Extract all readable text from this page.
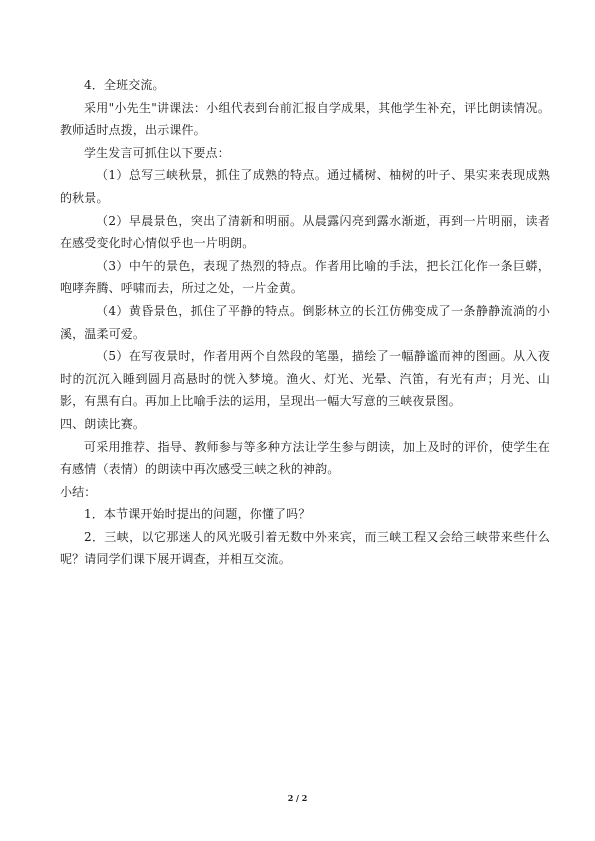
4．全班交流。

采用"小先生"讲课法：小组代表到台前汇报自学成果，其他学生补充，评比朗读情况。教师适时点拨，出示课件。

学生发言可抓住以下要点：

（1）总写三峡秋景，抓住了成熟的特点。通过橘树、柚树的叶子、果实来表现成熟的秋景。

（2）早晨景色，突出了清新和明丽。从晨露闪亮到露水渐逝，再到一片明丽，读者在感受变化时心情似乎也一片明朗。

（3）中午的景色，表现了热烈的特点。作者用比喻的手法，把长江化作一条巨蟒，咆哮奔腾、呼啸而去，所过之处，一片金黄。

（4）黄昏景色，抓住了平静的特点。倒影林立的长江仿佛变成了一条静静流淌的小溪，温柔可爱。

（5）在写夜景时，作者用两个自然段的笔墨，描绘了一幅静谧而神的图画。从入夜时的沉沉入睡到圆月高悬时的恍入梦境。渔火、灯光、光晕、汽笛，有光有声；月光、山影，有黑有白。再加上比喻手法的运用，呈现出一幅大写意的三峡夜景图。

四、朗读比赛。

可采用推荐、指导、教师参与等多种方法让学生参与朗读，加上及时的评价，使学生在有感情（表情）的朗读中再次感受三峡之秋的神韵。

小结：

1．本节课开始时提出的问题，你懂了吗？

2．三峡，以它那迷人的风光吸引着无数中外来宾，而三峡工程又会给三峡带来些什么呢？请同学们课下展开调查，并相互交流。

2 / 2
